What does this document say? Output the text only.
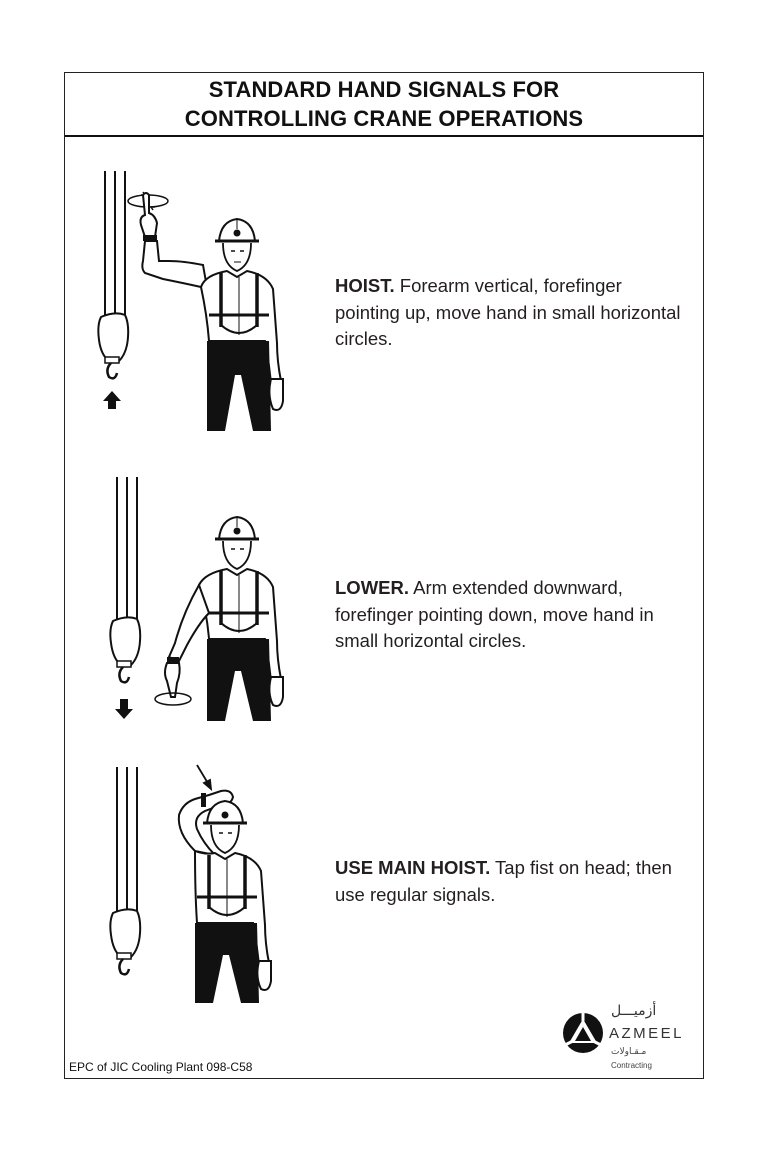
STANDARD HAND SIGNALS FOR
CONTROLLING CRANE OPERATIONS
HOIST. Forearm vertical, forefinger pointing up, move hand in small horizontal circles.
LOWER. Arm extended downward, forefinger pointing down, move hand in small horizontal circles.
USE MAIN HOIST. Tap fist on head; then use regular signals.
أزميـــل
AZMEEL
مـقـاولات
Contracting
EPC of JIC Cooling Plant 098-C58
